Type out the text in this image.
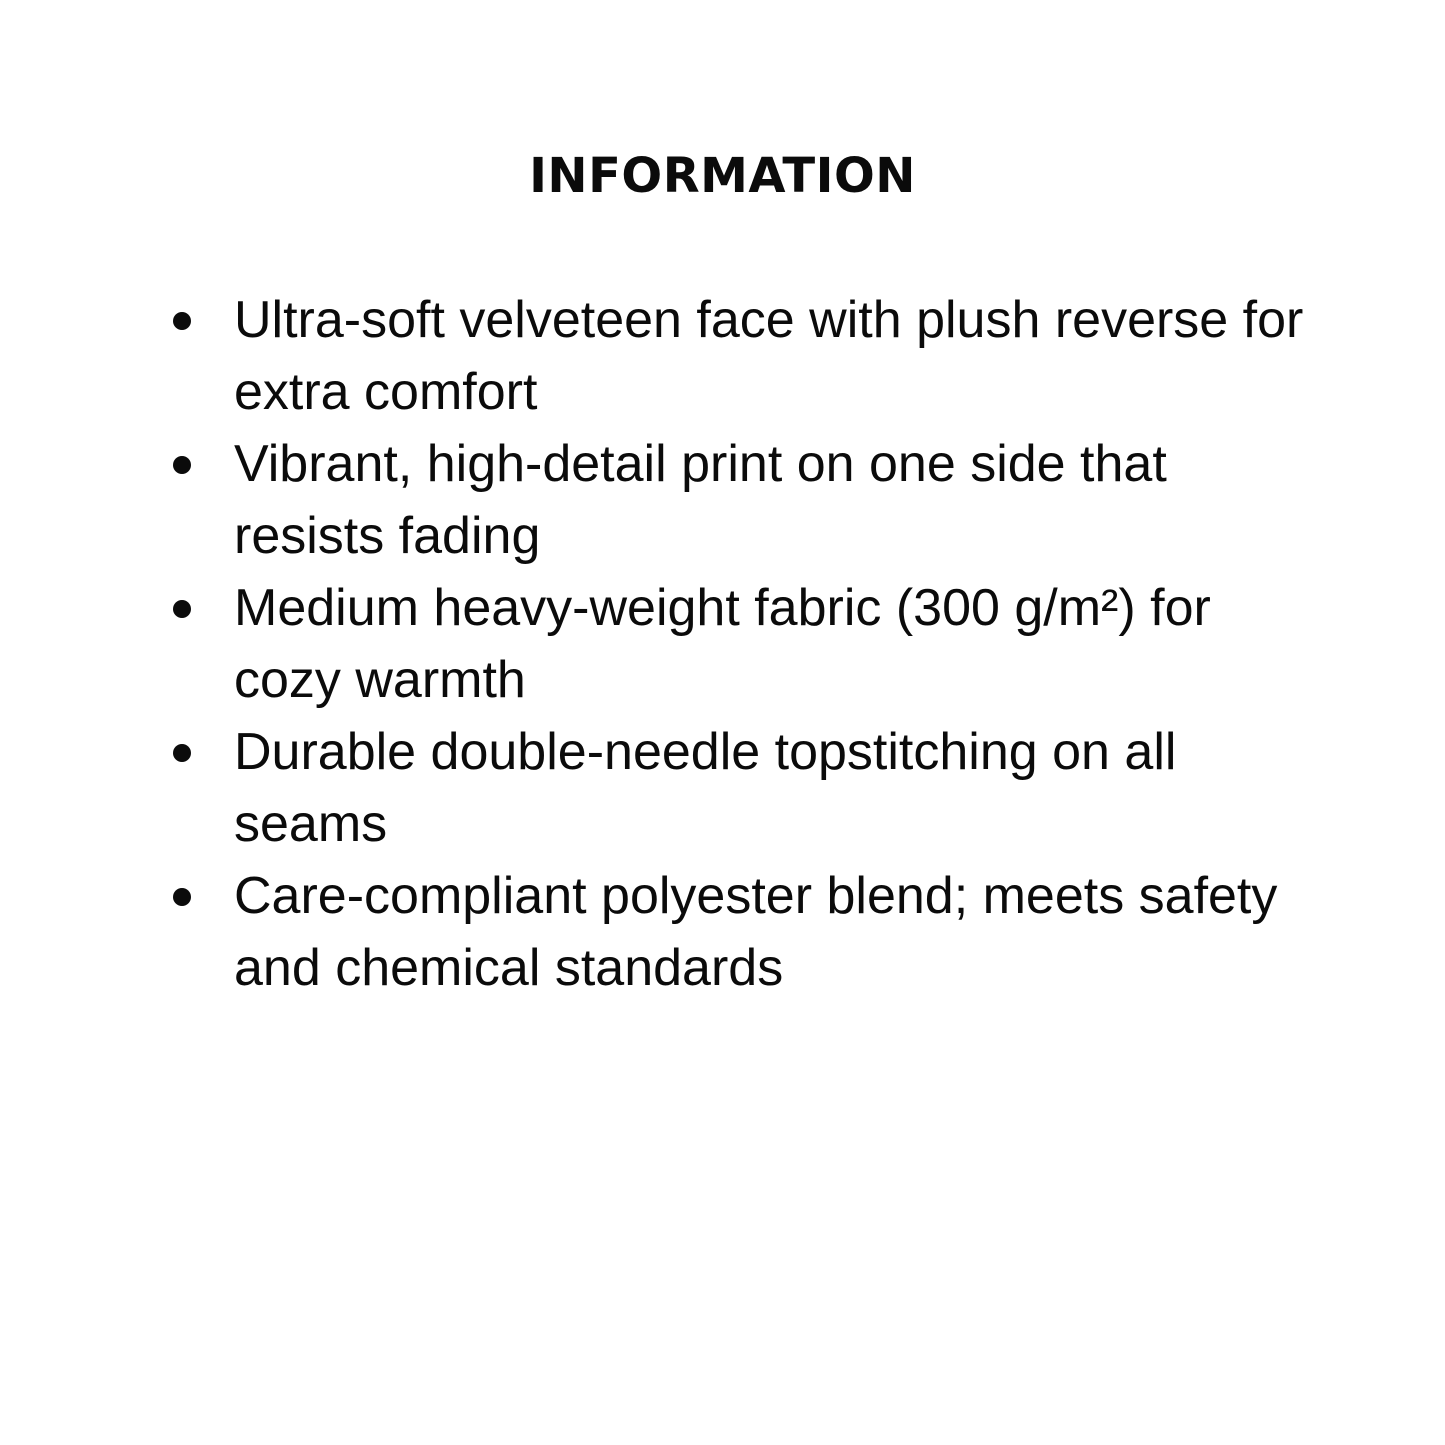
INFORMATION
Ultra-soft velveteen face with plush reverse for extra comfort
Vibrant, high-detail print on one side that resists fading
Medium heavy-weight fabric (300 g/m²) for cozy warmth
Durable double-needle topstitching on all seams
Care-compliant polyester blend; meets safety and chemical standards
